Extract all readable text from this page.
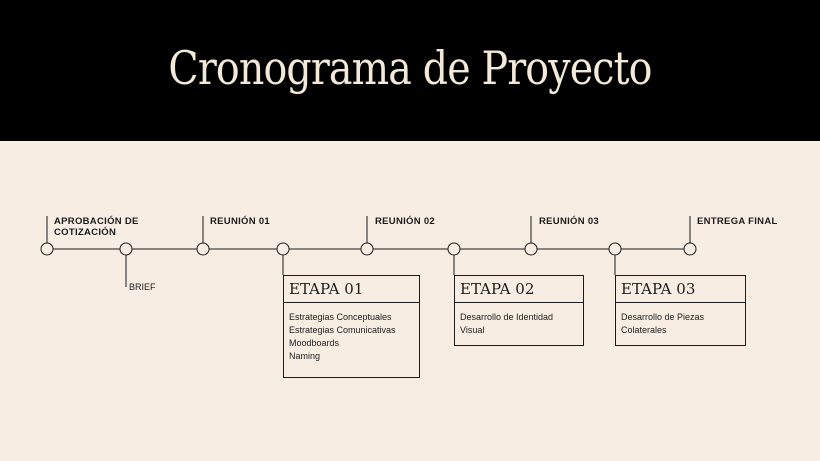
Cronograma de Proyecto
APROBACIÓN DE
COTIZACIÓN
REUNIÓN 01	REUNIÓN 02	REUNIÓN 03	ENTREGA FINAL
BRIEF	ETAPA 01
Estrategias Conceptuales
Estrategias Comunicativas
Moodboards
Naming
ETAPA 02
Desarrollo de Identidad
Visual
ETAPA 03
Desarrollo de Piezas
Colaterales
